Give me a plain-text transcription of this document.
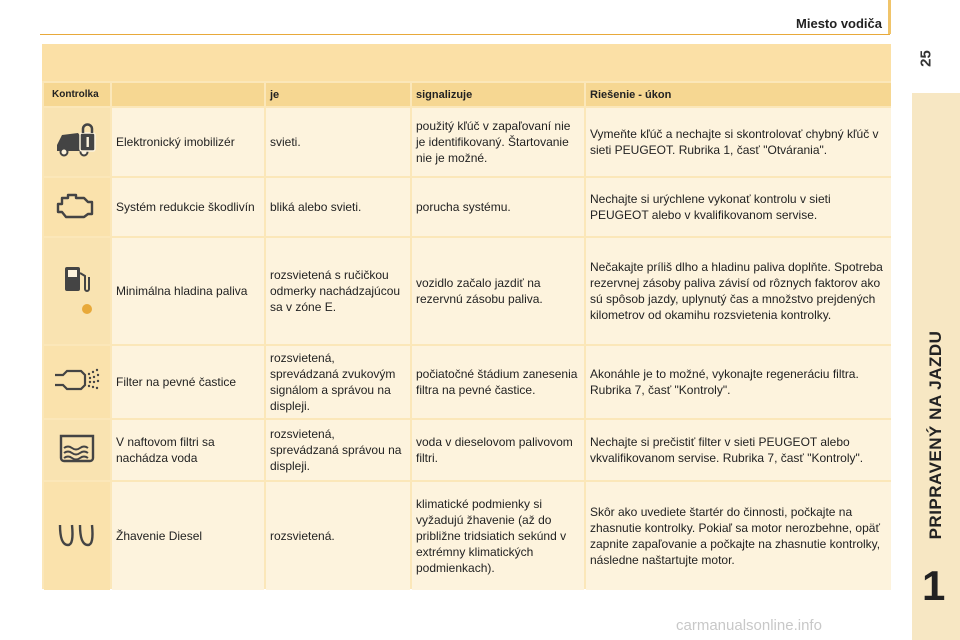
Miesto vodiča
25
PRIPRAVENÝ NA JAZDU
1
Kontrolka		je	signalizuje	Riešenie - úkon
	Elektronický imobilizér	svieti.	použitý kľúč v zapaľovaní nie je identifikovaný. Štartovanie nie je možné.	Vymeňte kľúč a nechajte si skontrolovať chybný kľúč v sieti PEUGEOT. Rubrika 1, časť "Otvárania".
	Systém redukcie škodlivín	bliká alebo svieti.	porucha systému.	Nechajte si urýchlene vykonať kontrolu v sieti PEUGEOT alebo v kvalifikovanom servise.
	Minimálna hladina paliva	rozsvietená s ručičkou odmerky nachádzajúcou sa v zóne E.	vozidlo začalo jazdiť na rezervnú zásobu paliva.	Nečakajte príliš dlho a hladinu paliva doplňte. Spotreba rezervnej zásoby paliva závisí od rôznych faktorov ako sú spôsob jazdy, uplynutý čas a množstvo prejdených kilometrov od okamihu rozsvietenia kontrolky.
	Filter na pevné častice	rozsvietená, sprevádzaná zvukovým signálom a správou na displeji.	počiatočné štádium zanesenia filtra na pevné častice.	Akonáhle je to možné, vykonajte regeneráciu filtra. Rubrika 7, časť "Kontroly".
	V naftovom filtri sa nachádza voda	rozsvietená, sprevádzaná správou na displeji.	voda v dieselovom palivovom filtri.	Nechajte si prečistiť filter v sieti PEUGEOT alebo vkvalifikovanom servise. Rubrika 7, časť "Kontroly".
	Žhavenie Diesel	rozsvietená.	klimatické podmienky si vyžadujú žhavenie (až do približne tridsiatich sekúnd v extrémny klimatických podmienkach).	Skôr ako uvediete štartér do činnosti, počkajte na zhasnutie kontrolky. Pokiaľ sa motor nerozbehne, opäť zapnite zapaľovanie a počkajte na zhasnutie kontrolky, následne naštartujte motor.
carmanualsonline.info
